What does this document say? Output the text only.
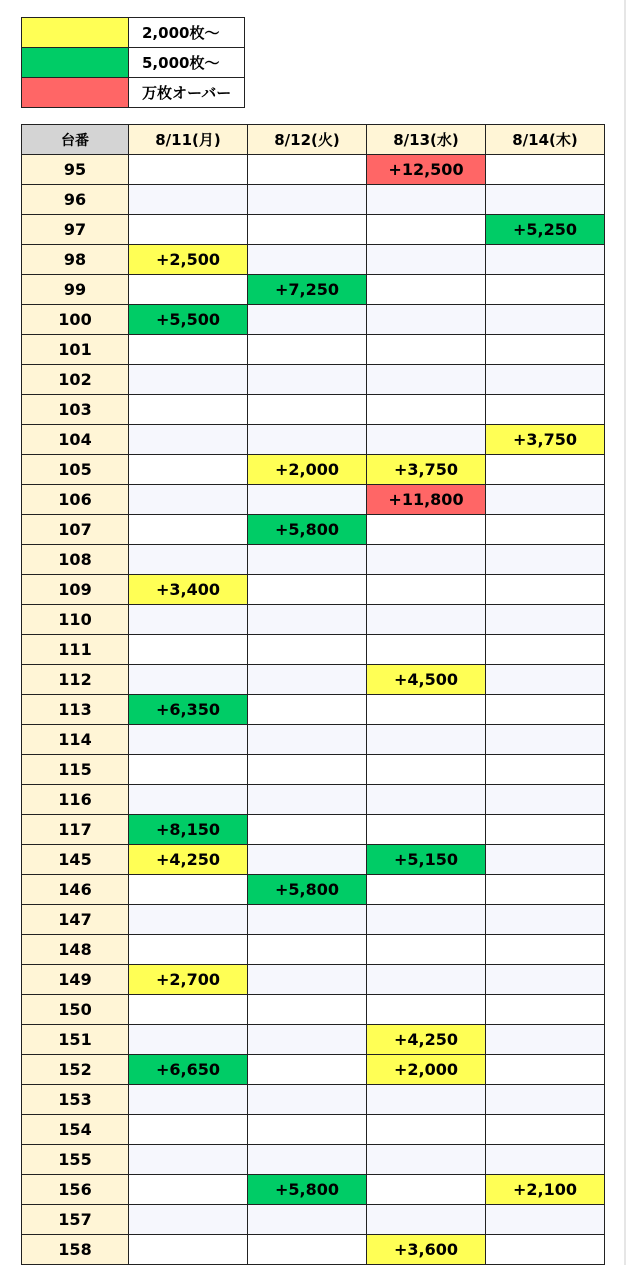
	2,000枚～
	5,000枚～
	万枚オーバー
台番	8/11(月)	8/12(火)	8/13(水)	8/14(木)
95			+12,500	
96				
97				+5,250
98	+2,500			
99		+7,250		
100	+5,500			
101				
102				
103				
104				+3,750
105		+2,000	+3,750	
106			+11,800	
107		+5,800		
108				
109	+3,400			
110				
111				
112			+4,500	
113	+6,350			
114				
115				
116				
117	+8,150			
145	+4,250		+5,150	
146		+5,800		
147				
148				
149	+2,700			
150				
151			+4,250	
152	+6,650		+2,000	
153				
154				
155				
156		+5,800		+2,100
157				
158			+3,600	
